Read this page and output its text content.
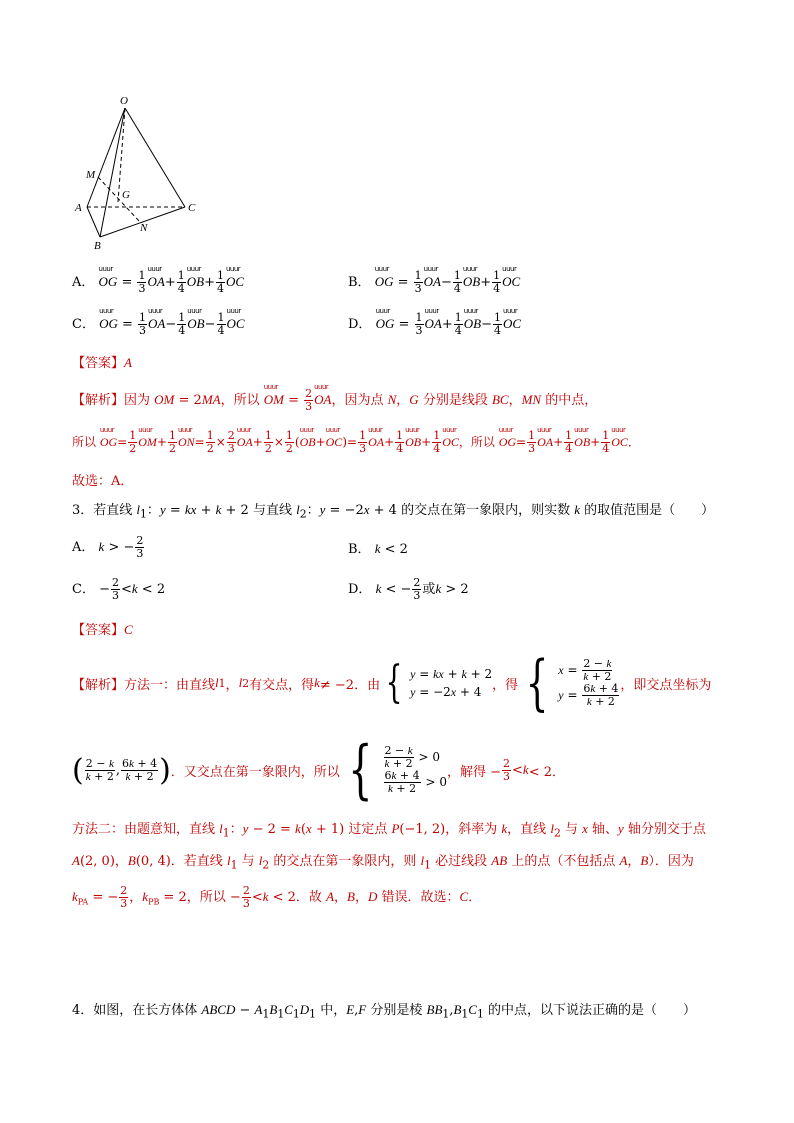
O
M
G
A	C
B
N
A． uuur OG = $\frac{1}{3}$ uuur $OA+ \frac{1}{4}$ uuur $OB+ \frac{1}{4}$ uuur OC	B． uuur OG = $\frac{1}{3}$ uuur $OA- \frac{1}{4}$ uuur $OB+ \frac{1}{4}$ uuur OC
C． uuur OG = $\frac{1}{3}$ uuur $OA- \frac{1}{4}$ uuur $OB- \frac{1}{4}$ uuur OC	D． uuur OG = $\frac{1}{3}$ uuur $OA+ \frac{1}{4}$ uuur $OB- \frac{1}{4}$ uuur OC
【答案】A
【解析】因为 OM = 2MA，所以 uuur OM = $\frac{2}{3}$ uuur OA，因为点 N，G 分别是线段 BC，MN 的中点，
所以 uuur $OG= \frac{1}{2}$ uuur $OM+ \frac{1}{2}$ uuur $ON= \frac{1}{2} \times \frac{2}{3}$ uuur $OA+ \frac{1}{2} \times \frac{1}{2}$ (uuur OB+uuur $OC)= \frac{1}{3}$ uuur $OA+ \frac{1}{4}$ uuur $OB+ \frac{1}{4}$ uuur OC，所以 uuur $OG= \frac{1}{3}$ uuur $OA+ \frac{1}{4}$ uuur $OB+ \frac{1}{4}$ uuur OC．
故选：A．
3．若直线 $l_1$：y = kx + k + 2 与直线 $l_2$：y = −2x + 4 的交点在第一象限内，则实数 k 的取值范围是（　　）
A． k > − $\frac{2}{3}$	B． k < 2
C． − $\frac{2}{3} <k < 2$	D． k < − $\frac{2}{3}$ 或k > 2
【答案】C
【解析】 方法一：由直线 l 1 ， l 2 有交点，得 k ≠ −2．由 { y = kx + k + 2
y = −2x + 4 ，得 { $x = \frac{2 - k}{k + 2}$
$y = \frac{6k + 4}{k + 2}$ ，即交点坐标为
( $\frac{2 - k}{k + 2}$ , $\frac{6k + 4}{k + 2}$ ) ．又交点在第一象限内，所以 { $\frac{2 - k}{k + 2} > 0$
$\frac{6k + 4}{k + 2} > 0$
，解得 − $\frac{2}{3} < k < 2$．
方法二：由题意知，直线 $l_1$：y − 2 = k(x + 1) 过定点 P(−1, 2)，斜率为 k，直线 $l_2$ 与 x 轴、y 轴分别交于点
A(2, 0)，B(0, 4)．若直线 $l_1$ 与 $l_2$ 的交点在第一象限内，则 $l_1$ 必过线段 AB 上的点（不包括点 A，B）．因为
$k_{PA}$ = − $\frac{2}{3}$ ，$k_{PB} = 2$，所以 − $\frac{2}{3} <k < 2$．故 A，B，D 错误．故选：C．
4．如图，在长方体体 ABCD − $A_1B_1C_1D_1$ 中，E,F 分别是棱 $BB_1,B_1C_1$ 的中点，以下说法正确的是（　　）
